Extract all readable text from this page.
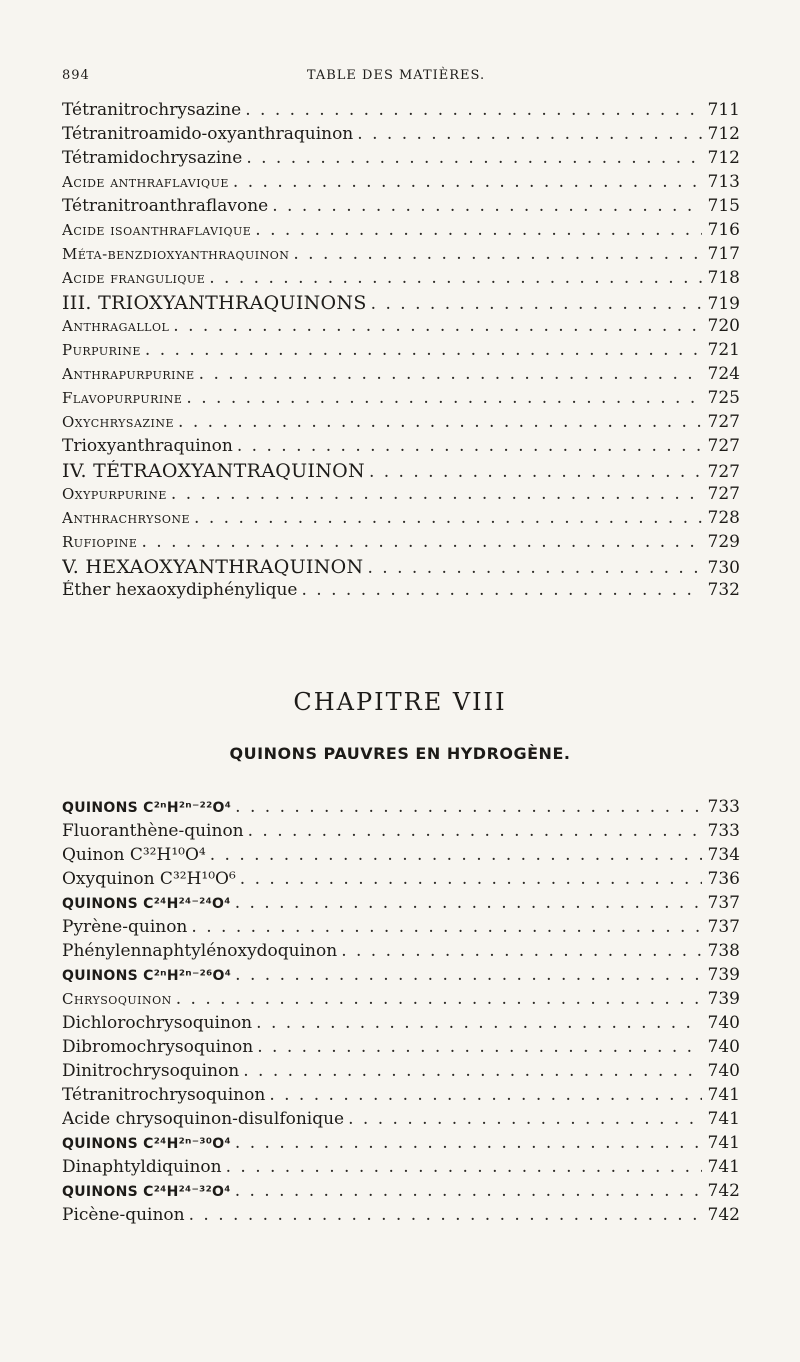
894	TABLE DES MATIÈRES.
Tétranitrochrysazine . . .	711
Tétranitroamido-oxyanthraquinon . . .	712
Tétramidochrysazine . . .	712
Acide anthraflavique . . .	713
Tétranitroanthraflavone . . .	715
Acide isoanthraflavique . . .	716
Méta-benzdioxyanthraquinon . . .	717
Acide frangulique . . .	718
III. TRIOXYANTHRAQUINONS . . .	719
Anthragallol . . .	720
Purpurine . . .	721
Anthrapurpurine . . .	724
Flavopurpurine . . .	725
Oxychrysazine . . .	727
Trioxyanthraquinon . . .	727
IV. TÉTRAOXYANTRAQUINON . . .	727
Oxypurpurine . . .	727
Anthrachrysone . . .	728
Rufiopine . . .	729
V. HEXAOXYANTHRAQUINON . . .	730
Éther hexaoxydiphénylique . . .	732
CHAPITRE VIII
QUINONS PAUVRES EN HYDROGÈNE.
QUINONS C²ⁿH²ⁿ⁻²²O⁴ . . .	733
Fluoranthène-quinon . . .	733
Quinon C³²H¹⁰O⁴ . . .	734
Oxyquinon C³²H¹⁰O⁶ . . .	736
QUINONS C²⁴H²⁴⁻²⁴O⁴ . . .	737
Pyrène-quinon . . .	737
Phénylennaphtylénoxydoquinon . . .	738
QUINONS C²ⁿH²ⁿ⁻²⁶O⁴ . . .	739
Chrysoquinon . . .	739
Dichlorochrysoquinon . . .	740
Dibromochrysoquinon . . .	740
Dinitrochrysoquinon . . .	740
Tétranitrochrysoquinon . . .	741
Acide chrysoquinon-disulfonique . . .	741
QUINONS C²⁴H²ⁿ⁻³⁰O⁴ . . .	741
Dinaphtyldiquinon . . .	741
QUINONS C²⁴H²⁴⁻³²O⁴ . . .	742
Picène-quinon . . .	742
